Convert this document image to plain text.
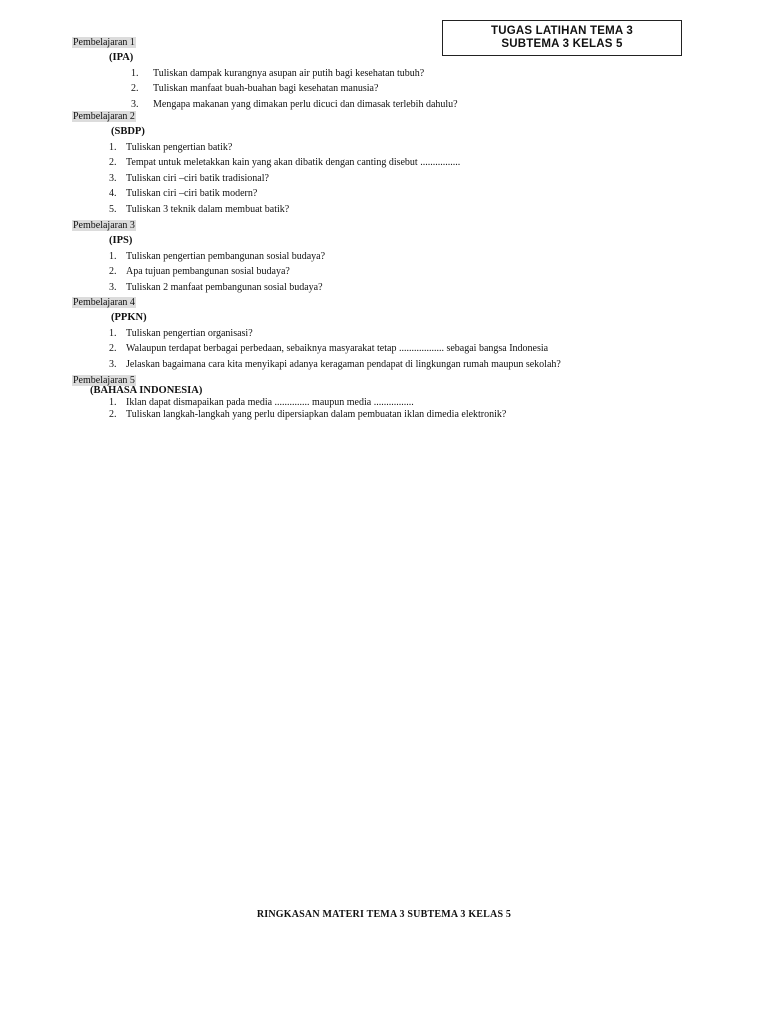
TUGAS LATIHAN TEMA 3
SUBTEMA 3 KELAS 5
Pembelajaran 1
(IPA)
1. Tuliskan dampak kurangnya asupan air putih bagi kesehatan tubuh?
2. Tuliskan manfaat buah-buahan bagi kesehatan manusia?
3. Mengapa makanan yang dimakan perlu dicuci dan dimasak terlebih dahulu?
Pembelajaran 2
(SBDP)
1. Tuliskan pengertian batik?
2. Tempat untuk meletakkan kain yang akan dibatik dengan canting disebut ................
3. Tuliskan ciri –ciri batik tradisional?
4. Tuliskan ciri –ciri batik modern?
5. Tuliskan 3 teknik dalam membuat batik?
Pembelajaran 3
(IPS)
1. Tuliskan pengertian pembangunan sosial budaya?
2. Apa tujuan pembangunan sosial budaya?
3. Tuliskan 2 manfaat pembangunan sosial budaya?
Pembelajaran 4
(PPKN)
1. Tuliskan pengertian organisasi?
2. Walaupun terdapat berbagai perbedaan, sebaiknya masyarakat tetap .................. sebagai bangsa Indonesia
3. Jelaskan bagaimana cara kita menyikapi adanya keragaman pendapat di lingkungan rumah maupun sekolah?
Pembelajaran 5
(BAHASA INDONESIA)
1. Iklan dapat dismapaikan pada media .............. maupun media ................
2. Tuliskan langkah-langkah yang perlu dipersiapkan dalam pembuatan iklan dimedia elektronik?
RINGKASAN MATERI TEMA 3 SUBTEMA 3 KELAS 5
